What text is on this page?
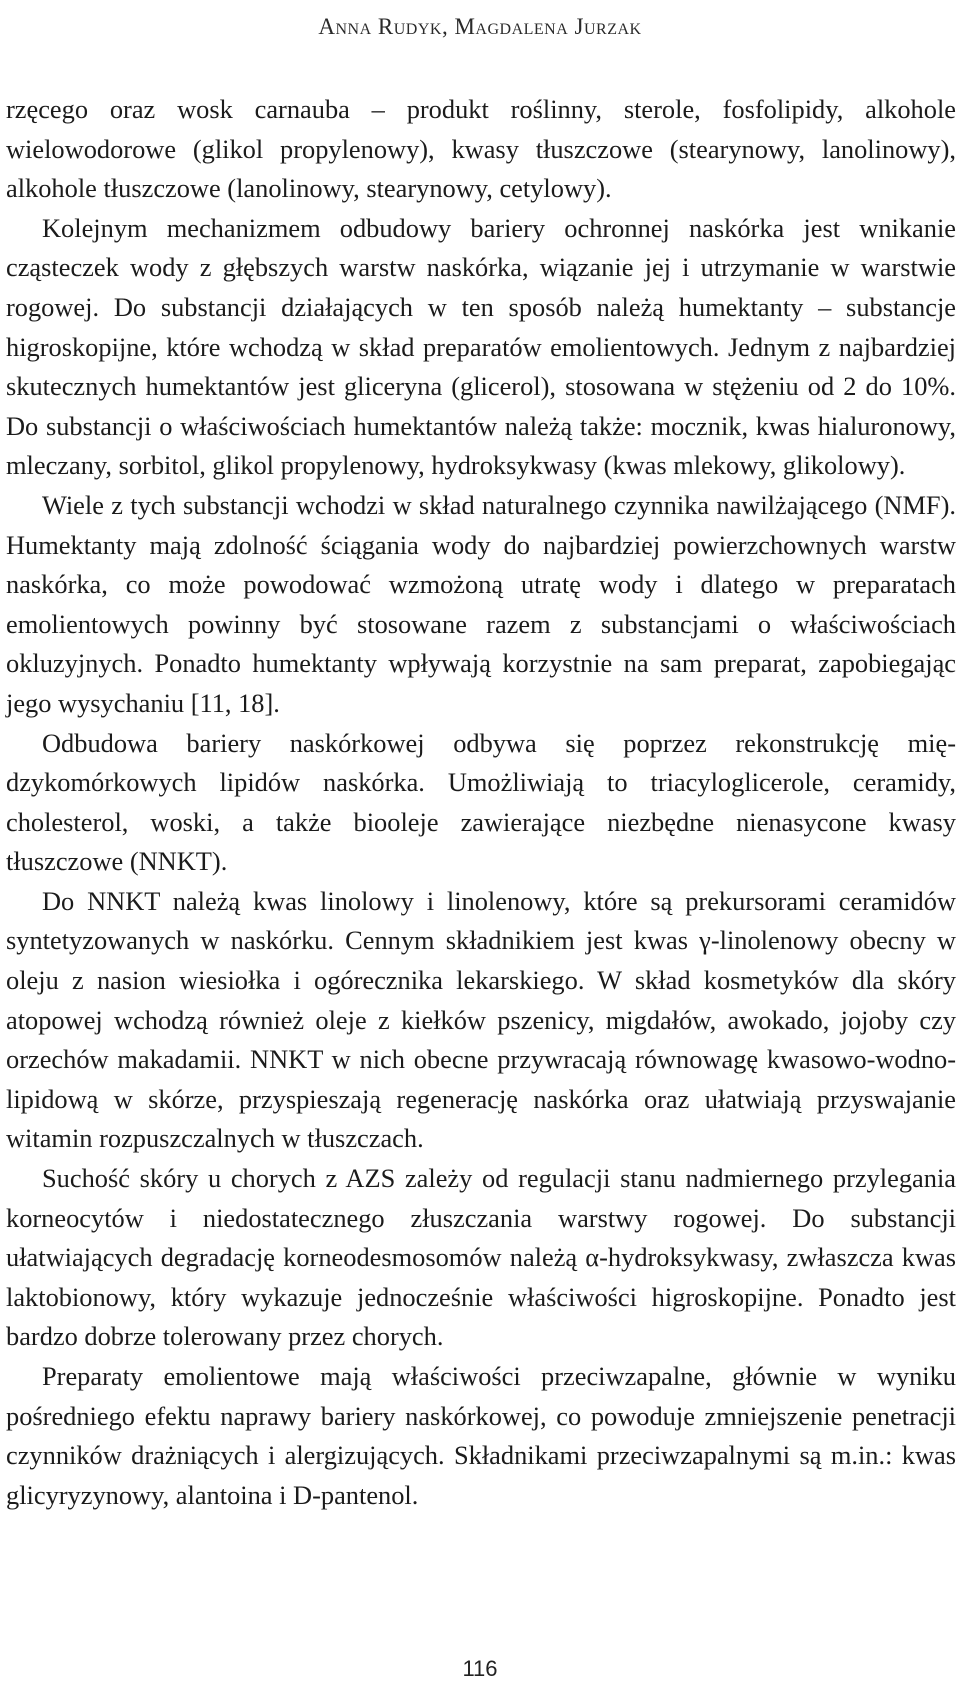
Anna Rudyk, Magdalena Jurzak

rzęcego oraz wosk carnauba – produkt roślinny, sterole, fosfolipidy, alkohole wielowodorowe (glikol propylenowy), kwasy tłuszczowe (stearynowy, lanolinowy), alkohole tłuszczowe (lanolinowy, stearynowy, cetylowy).

Kolejnym mechanizmem odbudowy bariery ochronnej naskórka jest wnikanie cząsteczek wody z głębszych warstw naskórka, wiązanie jej i utrzymanie w warstwie rogowej. Do substancji działających w ten sposób należą humektanty – substancje higroskopijne, które wchodzą w skład preparatów emolientowych. Jednym z najbardziej skutecznych humektantów jest gliceryna (glicerol), stosowana w stężeniu od 2 do 10%. Do substancji o właściwościach humektantów należą także: mocznik, kwas hialuronowy, mleczany, sorbitol, glikol propylenowy, hydroksykwasy (kwas mlekowy, glikolowy).

Wiele z tych substancji wchodzi w skład naturalnego czynnika nawilżającego (NMF). Humektanty mają zdolność ściągania wody do najbardziej powierzchownych warstw naskórka, co może powodować wzmożoną utratę wody i dlatego w preparatach emolientowych powinny być stosowane razem z substancjami o właściwościach okluzyjnych. Ponadto humektanty wpływają korzystnie na sam preparat, zapobiegając jego wysychaniu [11, 18].

Odbudowa bariery naskórkowej odbywa się poprzez rekonstrukcję międzykomórkowych lipidów naskórka. Umożliwiają to triacyloglicerole, ceramidy, cholesterol, woski, a także biooleje zawierające niezbędne nienasycone kwasy tłuszczowe (NNKT).

Do NNKT należą kwas linolowy i linolenowy, które są prekursorami ceramidów syntetyzowanych w naskórku. Cennym składnikiem jest kwas γ-linolenowy obecny w oleju z nasion wiesiołka i ogórecznika lekarskiego. W skład kosmetyków dla skóry atopowej wchodzą również oleje z kiełków pszenicy, migdałów, awokado, jojoby czy orzechów makadamii. NNKT w nich obecne przywracają równowagę kwasowo-wodno-lipidową w skórze, przyspieszają regenerację naskórka oraz ułatwiają przyswajanie witamin rozpuszczalnych w tłuszczach.

Suchość skóry u chorych z AZS zależy od regulacji stanu nadmiernego przylegania korneocytów i niedostatecznego złuszczania warstwy rogowej. Do substancji ułatwiających degradację korneodesmosomów należą α-hydroksykwasy, zwłaszcza kwas laktobionowy, który wykazuje jednocześnie właściwości higroskopijne. Ponadto jest bardzo dobrze tolerowany przez chorych.

Preparaty emolientowe mają właściwości przeciwzapalne, głównie w wyniku pośredniego efektu naprawy bariery naskórkowej, co powoduje zmniejszenie penetracji czynników drażniących i alergizujących. Składnikami przeciwzapalnymi są m.in.: kwas glicyryzynowy, alantoina i D-pantenol.

116
